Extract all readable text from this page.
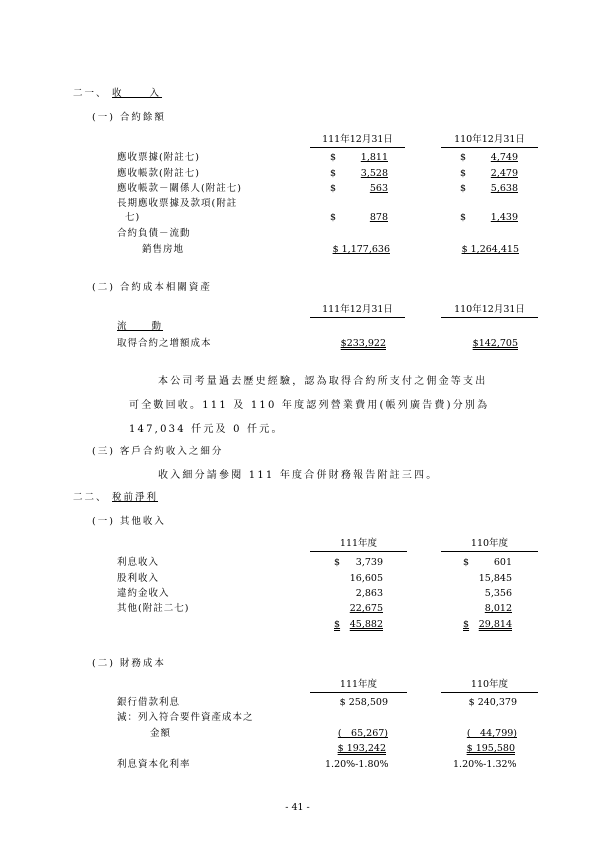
二一、 收　　入
(一) 合約餘額
111年12月31日	110年12月31日
應收票據(附註七)	$	1,811	$	4,749
應收帳款(附註七)	$	3,528	$	2,479
應收帳款－關係人(附註七)	$	563	$	5,638
長期應收票據及款項(附註
七)	$	878	$	1,439
合約負債－流動
銷售房地	$ 1,177,636	$ 1,264,415
(二) 合約成本相關資產
111年12月31日	110年12月31日
流　　動
取得合約之增額成本	$233,922	$142,705
本公司考量過去歷史經驗，認為取得合約所支付之佣金等支出
可全數回收。111 及 110 年度認列營業費用(帳列廣告費)分別為
147,034 仟元及 0 仟元。
(三) 客戶合約收入之細分
收入細分請參閱 111 年度合併財務報告附註三四。
二二、 稅前淨利
(一) 其他收入
111年度	110年度
利息收入	$	3,739	$	601
股利收入	16,605	15,845
違約金收入	2,863	5,356
其他(附註二七)	22,675	8,012
$	45,882	$	29,814
(二) 財務成本
111年度	110年度
銀行借款利息	$ 258,509	$ 240,379
減：列入符合要件資產成本之
金額	(　65,267)	(　44,799)
$ 193,242	$ 195,580
利息資本化利率	1.20%-1.80%	1.20%-1.32%
- 41 -
